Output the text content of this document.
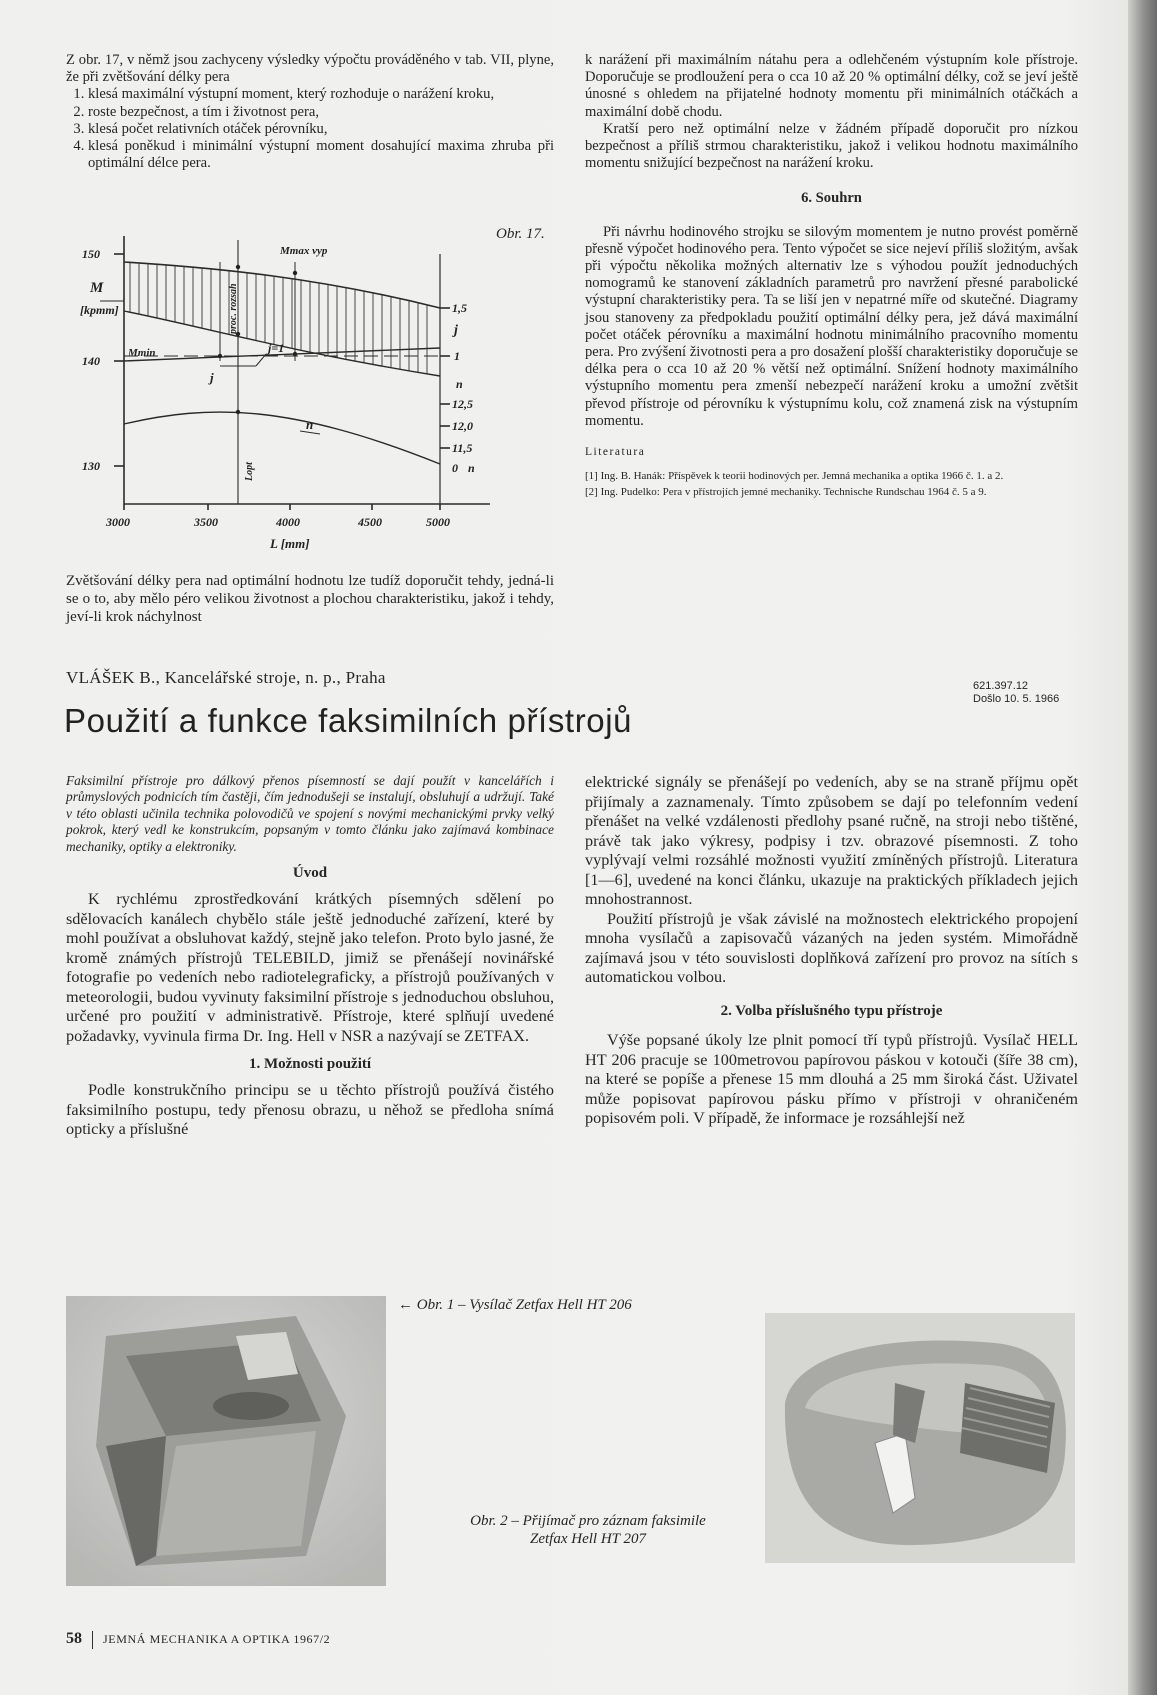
Z obr. 17, v němž jsou zachyceny výsledky výpočtu prováděného v tab. VII, plyne, že při zvětšování délky pera

1. klesá maximální výstupní moment, který rozhoduje o narážení kroku,
2. roste bezpečnost, a tím i životnost pera,
3. klesá počet relativních otáček pérovníku,
4. klesá poněkud i minimální výstupní moment dosahující maxima zhruba při optimální délce pera.
Obr. 17.
150
M
[kpmm]
140
130
1,5
j
1
n
12,5
12,0
11,5
0 n
3000	3500	4000	4500	5000
L [mm]
Mmax vyp
Mmin
j
j=1
n
proc. rozsah
Lopt

Zvětšování délky pera nad optimální hodnotu lze tudíž doporučit tehdy, jedná-li se o to, aby mělo péro velikou životnost a plochou charakteristiku, jakož i tehdy, jeví-li krok náchylnost

k narážení při maximálním nátahu pera a odlehčeném výstupním kole přístroje. Doporučuje se prodloužení pera o cca 10 až 20 % optimální délky, což se jeví ještě únosné s ohledem na přijatelné hodnoty momentu při minimálních otáčkách a maximální době chodu.

Kratší pero než optimální nelze v žádném případě doporučit pro nízkou bezpečnost a příliš strmou charakteristiku, jakož i velikou hodnotu maximálního momentu snižující bezpečnost na narážení kroku.

6. Souhrn

Při návrhu hodinového strojku se silovým momentem je nutno provést poměrně přesně výpočet hodinového pera. Tento výpočet se sice nejeví příliš složitým, avšak při výpočtu několika možných alternativ lze s výhodou použít jednoduchých nomogramů ke stanovení základních parametrů pro navržení přesné parabolické výstupní charakteristiky pera. Ta se liší jen v nepatrné míře od skutečné. Diagramy jsou stanoveny za předpokladu použití optimální délky pera, jež dává maximální počet otáček pérovníku a maximální hodnotu minimálního pracovního momentu pera. Pro zvýšení životnosti pera a pro dosažení plošší charakteristiky doporučuje se délka pera o cca 10 až 20 % větší než optimální. Snížení hodnoty maximálního výstupního momentu pera zmenší nebezpečí narážení kroku a umožní zvětšit převod přístroje od pérovníku k výstupnímu kolu, což znamená zisk na výstupním momentu.

Literatura

[1] Ing. B. Hanák: Příspěvek k teorii hodinových per. Jemná mechanika a optika 1966 č. 1. a 2.

[2] Ing. Pudelko: Pera v přístrojích jemné mechaniky. Technische Rundschau 1964 č. 5 a 9.

VLÁŠEK B., Kancelářské stroje, n. p., Praha	621.397.12
Došlo 10. 5. 1966
Použití a funkce faksimilních přístrojů

Faksimilní přístroje pro dálkový přenos písemností se dají použít v kancelářích i průmyslových podnicích tím častěji, čím jednodušeji se instalují, obsluhují a udržují. Také v této oblasti učinila technika polovodičů ve spojení s novými mechanickými prvky velký pokrok, který vedl ke konstrukcím, popsaným v tomto článku jako zajímavá kombinace mechaniky, optiky a elektroniky.

Úvod

K rychlému zprostředkování krátkých písemných sdělení po sdělovacích kanálech chybělo stále ještě jednoduché zařízení, které by mohl používat a obsluhovat každý, stejně jako telefon. Proto bylo jasné, že kromě známých přístrojů TELEBILD, jimiž se přenášejí novinářské fotografie po vedeních nebo radiotelegraficky, a přístrojů používaných v meteorologii, budou vyvinuty faksimilní přístroje s jednoduchou obsluhou, určené pro použití v administrativě. Přístroje, které splňují uvedené požadavky, vyvinula firma Dr. Ing. Hell v NSR a nazývají se ZETFAX.

1. Možnosti použití

Podle konstrukčního principu se u těchto přístrojů používá čistého faksimilního postupu, tedy přenosu obrazu, u něhož se předloha snímá opticky a příslušné

elektrické signály se přenášejí po vedeních, aby se na straně příjmu opět přijímaly a zaznamenaly. Tímto způsobem se dají po telefonním vedení přenášet na velké vzdálenosti předlohy psané ručně, na stroji nebo tištěné, právě tak jako výkresy, podpisy i tzv. obrazové písemnosti. Z toho vyplývají velmi rozsáhlé možnosti využití zmíněných přístrojů. Literatura [1—6], uvedené na konci článku, ukazuje na praktických příkladech jejich mnohostrannost.

Použití přístrojů je však závislé na možnostech elektrického propojení mnoha vysílačů a zapisovačů vázaných na jeden systém. Mimořádně zajímavá jsou v této souvislosti doplňková zařízení pro provoz na sítích s automatickou volbou.

2. Volba příslušného typu přístroje

Výše popsané úkoly lze plnit pomocí tří typů přístrojů. Vysílač HELL HT 206 pracuje se 100metrovou papírovou páskou v kotouči (šíře 38 cm), na které se popíše a přenese 15 mm dlouhá a 25 mm široká část. Uživatel může popisovat papírovou pásku přímo v přístroji v ohraničeném popisovém poli. V případě, že informace je rozsáhlejší než

← Obr. 1 – Vysílač Zetfax Hell HT 206
Obr. 2 – Přijímač pro záznam faksimile
Zetfax Hell HT 207
58 JEMNÁ MECHANIKA A OPTIKA 1967/2
